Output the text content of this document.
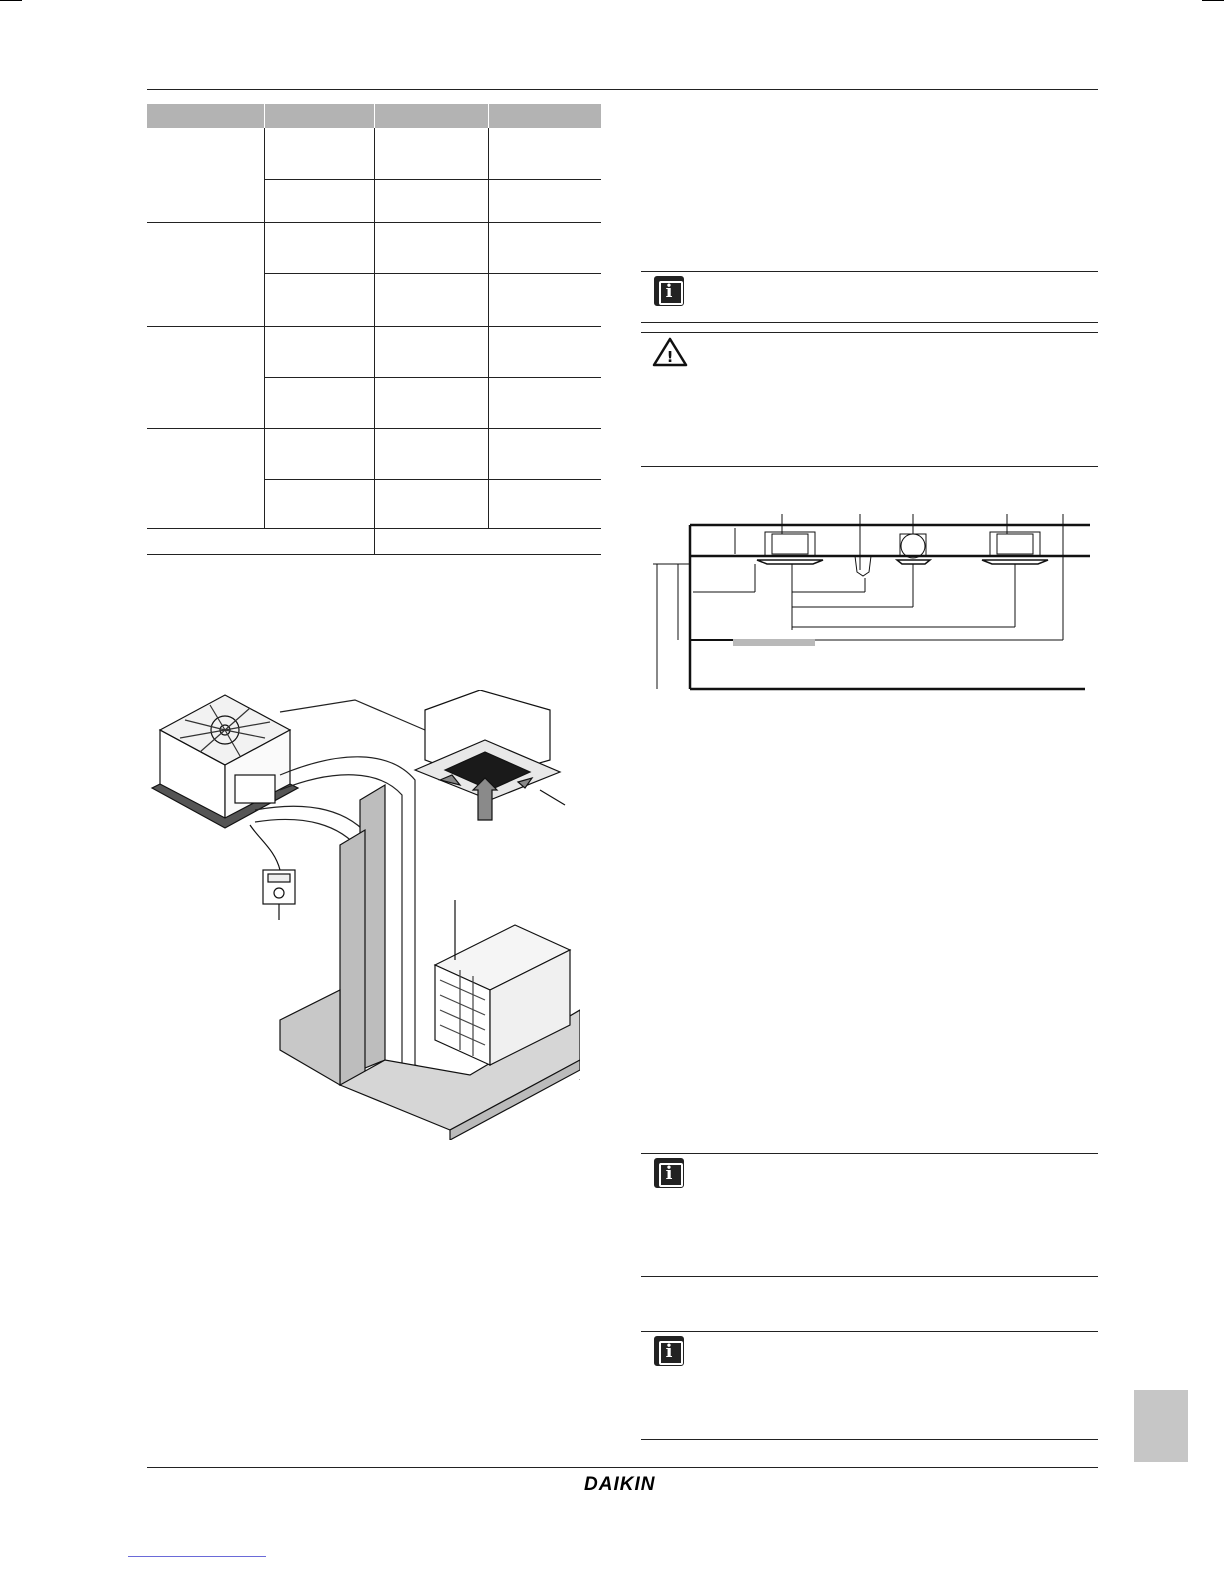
i
!
i
i
DAIKIN
